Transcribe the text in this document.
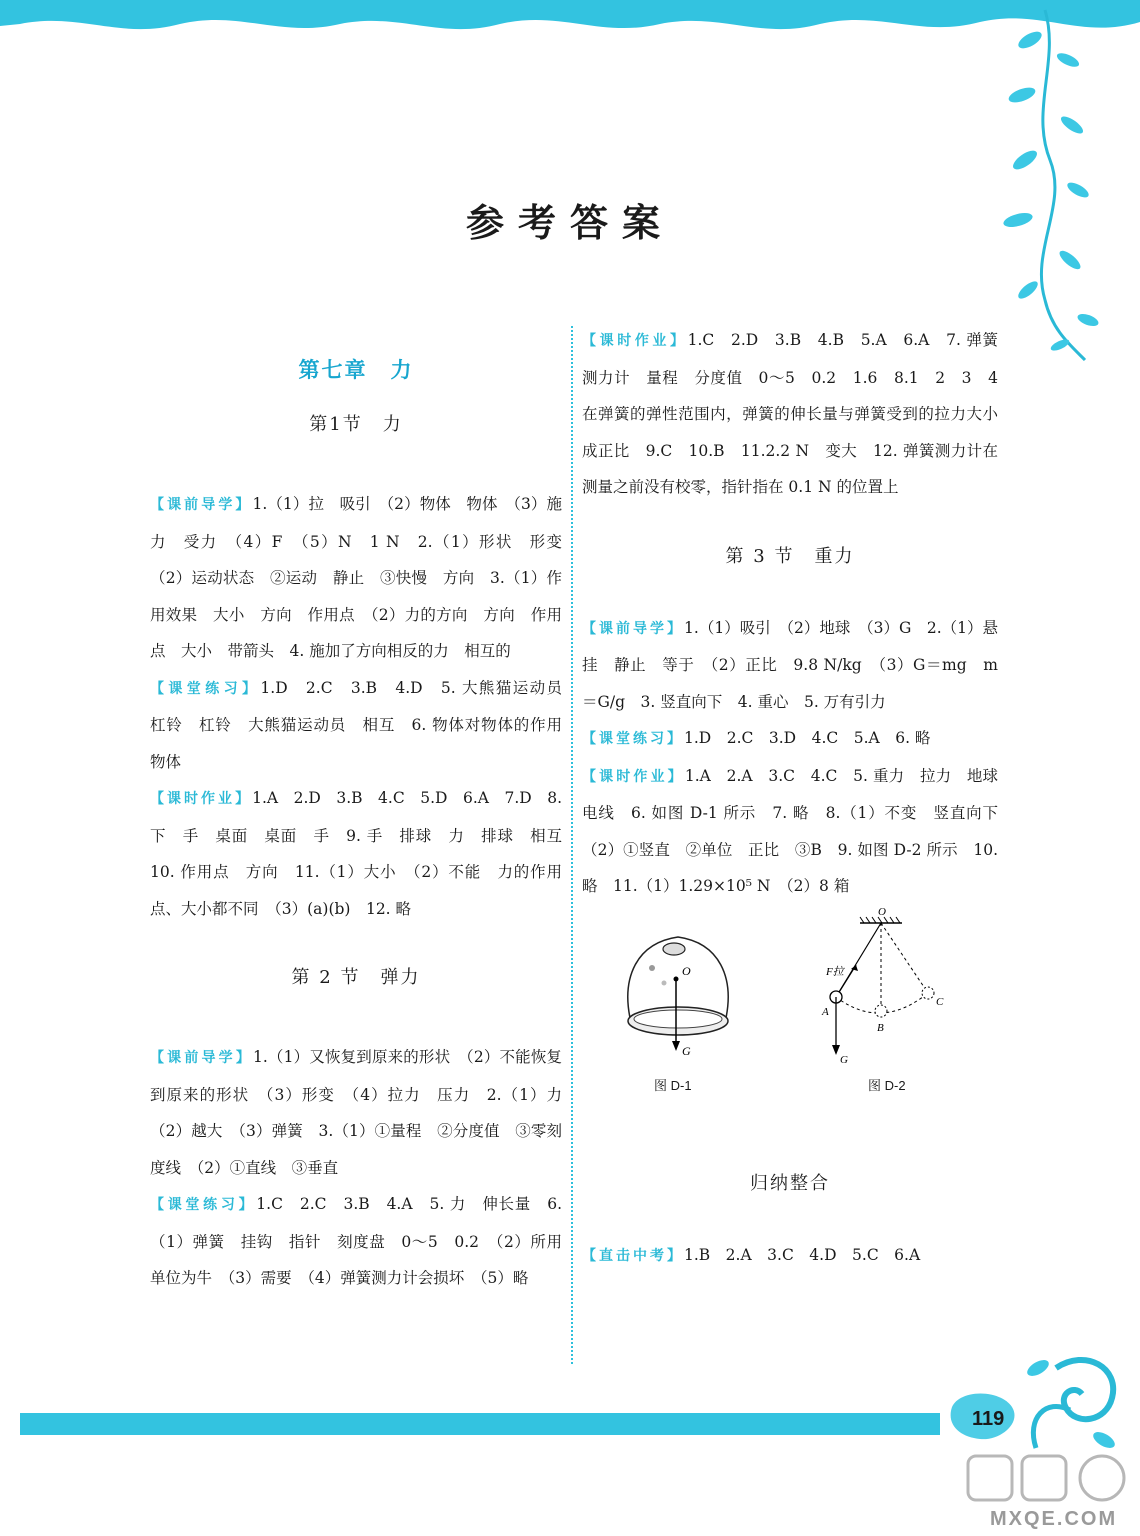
参考答案
第七章　力
第1节　力

【课前导学】1.（1）拉　吸引　（2）物体　物体　（3）施力　受力　（4）F　（5）N　1 N　2.（1）形状　形变　（2）运动状态　②运动　静止　③快慢　方向　3.（1）作用效果　大小　方向　作用点　（2）力的方向　方向　作用点　大小　带箭头　4. 施加了方向相反的力　相互的

【课堂练习】1.D　2.C　3.B　4.D　5. 大熊猫运动员　杠铃　杠铃　大熊猫运动员　相互　6. 物体对物体的作用　物体

【课时作业】1.A　2.D　3.B　4.C　5.D　6.A　7.D　8. 下　手　桌面　桌面　手　9. 手　排球　力　排球　相互　10. 作用点　方向　11.（1）大小　（2）不能　力的作用点、大小都不同　（3）(a)(b)　12. 略

第 2 节　弹力

【课前导学】1.（1）又恢复到原来的形状　（2）不能恢复到原来的形状　（3）形变　（4）拉力　压力　2.（1）力　（2）越大　（3）弹簧　3.（1）①量程　②分度值　③零刻度线　（2）①直线　③垂直

【课堂练习】1.C　2.C　3.B　4.A　5. 力　伸长量　6.（1）弹簧　挂钩　指针　刻度盘　0～5　0.2　（2）所用单位为牛　（3）需要　（4）弹簧测力计会损坏　（5）略

【课时作业】1.C　2.D　3.B　4.B　5.A　6.A　7. 弹簧测力计　量程　分度值　0～5　0.2　1.6　8.1　2　3　4　在弹簧的弹性范围内，弹簧的伸长量与弹簧受到的拉力大小成正比　9.C　10.B　11.2.2 N　变大　12. 弹簧测力计在测量之前没有校零，指针指在 0.1 N 的位置上

第 3 节　重力

【课前导学】1.（1）吸引　（2）地球　（3）G　2.（1）悬挂　静止　等于　（2）正比　9.8 N/kg　（3）G＝mg　m＝G/g　3. 竖直向下　4. 重心　5. 万有引力

【课堂练习】1.D　2.C　3.D　4.C　5.A　6. 略

【课时作业】1.A　2.A　3.C　4.C　5. 重力　拉力　地球　电线　6. 如图 D-1 所示　7. 略　8.（1）不变　竖直向下　（2）①竖直　②单位　正比　③B　9. 如图 D-2 所示　10. 略　11.（1）1.29×10⁵ N　（2）8 箱

O
G
图 D-1
O
F拉
A
B
C
G
图 D-2
归纳整合

【直击中考】1.B　2.A　3.C　4.D　5.C　6.A

119
MXQE.COM
